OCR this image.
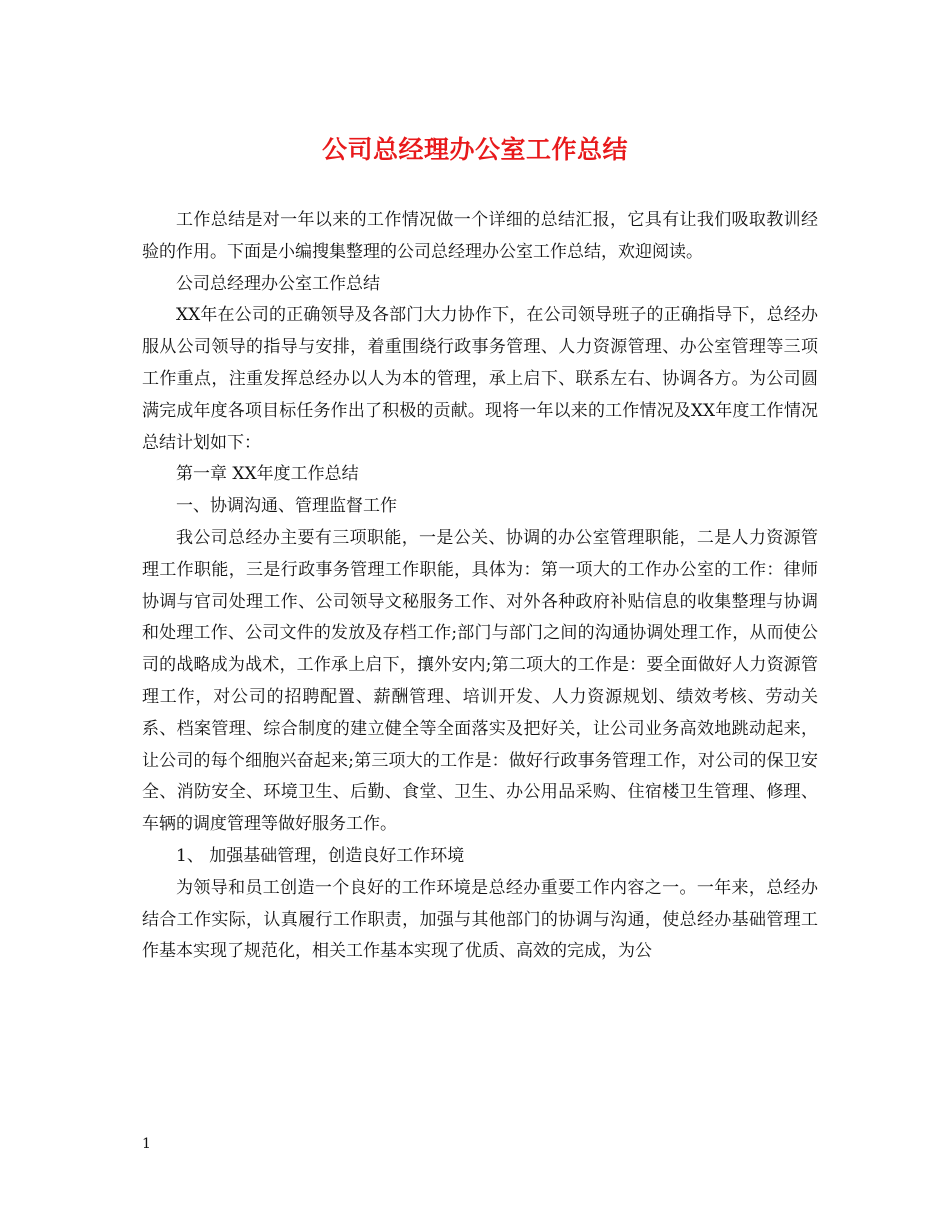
公司总经理办公室工作总结

工作总结是对一年以来的工作情况做一个详细的总结汇报，它具有让我们吸取教训经验的作用。下面是小编搜集整理的公司总经理办公室工作总结，欢迎阅读。

公司总经理办公室工作总结

XX年在公司的正确领导及各部门大力协作下，在公司领导班子的正确指导下，总经办服从公司领导的指导与安排，着重围绕行政事务管理、人力资源管理、办公室管理等三项工作重点，注重发挥总经办以人为本的管理，承上启下、联系左右、协调各方。为公司圆满完成年度各项目标任务作出了积极的贡献。现将一年以来的工作情况及XX年度工作情况总结计划如下：

第一章 XX年度工作总结

一、协调沟通、管理监督工作

我公司总经办主要有三项职能，一是公关、协调的办公室管理职能，二是人力资源管理工作职能，三是行政事务管理工作职能，具体为：第一项大的工作办公室的工作：律师协调与官司处理工作、公司领导文秘服务工作、对外各种政府补贴信息的收集整理与协调和处理工作、公司文件的发放及存档工作;部门与部门之间的沟通协调处理工作，从而使公司的战略成为战术，工作承上启下，攘外安内;第二项大的工作是：要全面做好人力资源管理工作，对公司的招聘配置、薪酬管理、培训开发、人力资源规划、绩效考核、劳动关系、档案管理、综合制度的建立健全等全面落实及把好关，让公司业务高效地跳动起来，让公司的每个细胞兴奋起来;第三项大的工作是：做好行政事务管理工作，对公司的保卫安全、消防安全、环境卫生、后勤、食堂、卫生、办公用品采购、住宿楼卫生管理、修理、车辆的调度管理等做好服务工作。

1、 加强基础管理，创造良好工作环境

为领导和员工创造一个良好的工作环境是总经办重要工作内容之一。一年来，总经办结合工作实际，认真履行工作职责，加强与其他部门的协调与沟通，使总经办基础管理工作基本实现了规范化，相关工作基本实现了优质、高效的完成，为公

1
